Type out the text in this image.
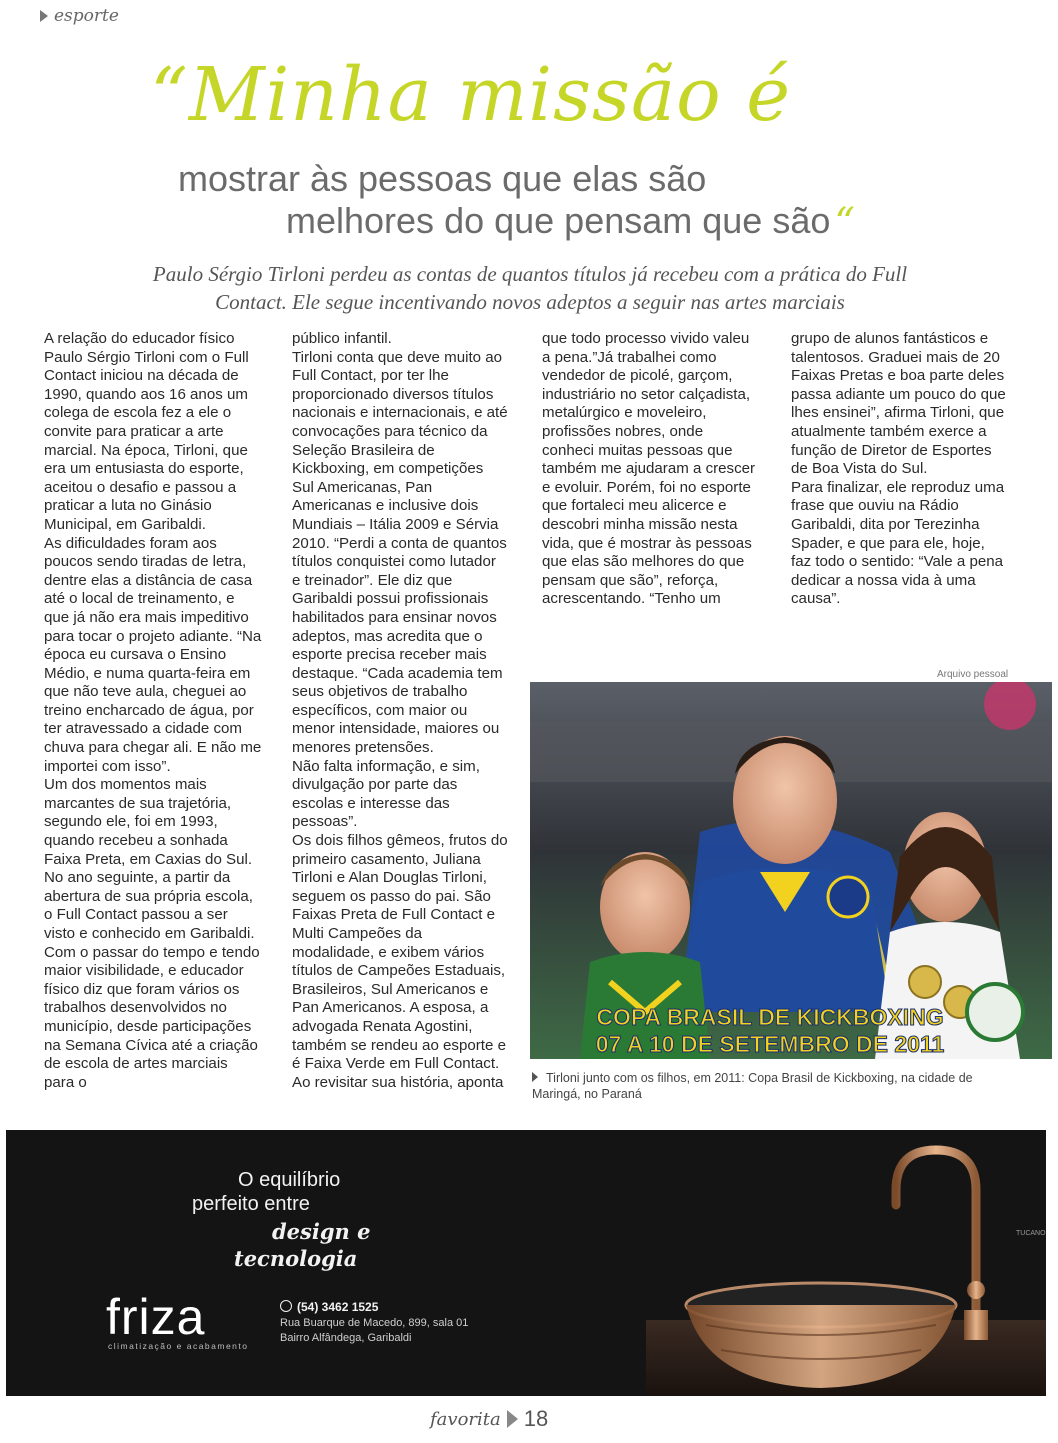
esporte
“Minha missão é
mostrar às pessoas que elas são
melhores do que pensam que são “
Paulo Sérgio Tirloni perdeu as contas de quantos títulos já recebeu com a prática do Full Contact. Ele segue incentivando novos adeptos a seguir nas artes marciais

A relação do educador físico Paulo Sérgio Tirloni com o Full Contact iniciou na década de 1990, quando aos 16 anos um colega de escola fez a ele o convite para praticar a arte marcial. Na época, Tirloni, que era um entusiasta do esporte, aceitou o desafio e passou a praticar a luta no Ginásio Municipal, em Garibaldi.

As dificuldades foram aos poucos sendo tiradas de letra, dentre elas a distância de casa até o local de treinamento, e que já não era mais impeditivo para tocar o projeto adiante. “Na época eu cursava o Ensino Médio, e numa quarta-feira em que não teve aula, cheguei ao treino encharcado de água, por ter atravessado a cidade com chuva para chegar ali. E não me importei com isso”.

Um dos momentos mais marcantes de sua trajetória, segundo ele, foi em 1993, quando recebeu a sonhada Faixa Preta, em Caxias do Sul. No ano seguinte, a partir da abertura de sua própria escola, o Full Contact passou a ser visto e conhecido em Garibaldi.

Com o passar do tempo e tendo maior visibilidade, e educador físico diz que foram vários os trabalhos desenvolvidos no município, desde participações na Semana Cívica até a criação de escola de artes marciais para o

público infantil.

Tirloni conta que deve muito ao Full Contact, por ter lhe proporcionado diversos títulos nacionais e internacionais, e até convocações para técnico da Seleção Brasileira de Kickboxing, em competições Sul Americanas, Pan Americanas e inclusive dois Mundiais – Itália 2009 e Sérvia 2010. “Perdi a conta de quantos títulos conquistei como lutador e treinador”. Ele diz que Garibaldi possui profissionais habilitados para ensinar novos adeptos, mas acredita que o esporte precisa receber mais destaque. “Cada academia tem seus objetivos de trabalho específicos, com maior ou menor intensidade, maiores ou menores pretensões.

Não falta informação, e sim, divulgação por parte das escolas e interesse das pessoas”.

Os dois filhos gêmeos, frutos do primeiro casamento, Juliana Tirloni e Alan Douglas Tirloni, seguem os passo do pai. São Faixas Preta de Full Contact e Multi Campeões da modalidade, e exibem vários títulos de Campeões Estaduais, Brasileiros, Sul Americanos e Pan Americanos. A esposa, a advogada Renata Agostini, também se rendeu ao esporte e é Faixa Verde em Full Contact.

Ao revisitar sua história, aponta

que todo processo vivido valeu a pena.”Já trabalhei como vendedor de picolé, garçom, industriário no setor calçadista, metalúrgico e moveleiro, profissões nobres, onde conheci muitas pessoas que também me ajudaram a crescer e evoluir. Porém, foi no esporte que fortaleci meu alicerce e descobri minha missão nesta vida, que é mostrar às pessoas que elas são melhores do que pensam que são”, reforça, acrescentando. “Tenho um

grupo de alunos fantásticos e talentosos. Graduei mais de 20 Faixas Pretas e boa parte deles passa adiante um pouco do que lhes ensinei”, afirma Tirloni, que atualmente também exerce a função de Diretor de Esportes de Boa Vista do Sul.

Para finalizar, ele reproduz uma frase que ouviu na Rádio Garibaldi, dita por Terezinha Spader, e que para ele, hoje, faz todo o sentido: “Vale a pena dedicar a nossa vida à uma causa”.

Arquivo pessoal
COPA BRASIL DE KICKBOXING
07 A 10 DE SETEMBRO DE 2011
Tirloni junto com os filhos, em 2011: Copa Brasil de Kickboxing, na cidade de Maringá, no Paraná
O equilíbrio
perfeito entre
design e
tecnologia
friza
climatização e acabamento
(54) 3462 1525
Rua Buarque de Macedo, 899, sala 01
Bairro Alfândega, Garibaldi
TUCANO
favorita 18
